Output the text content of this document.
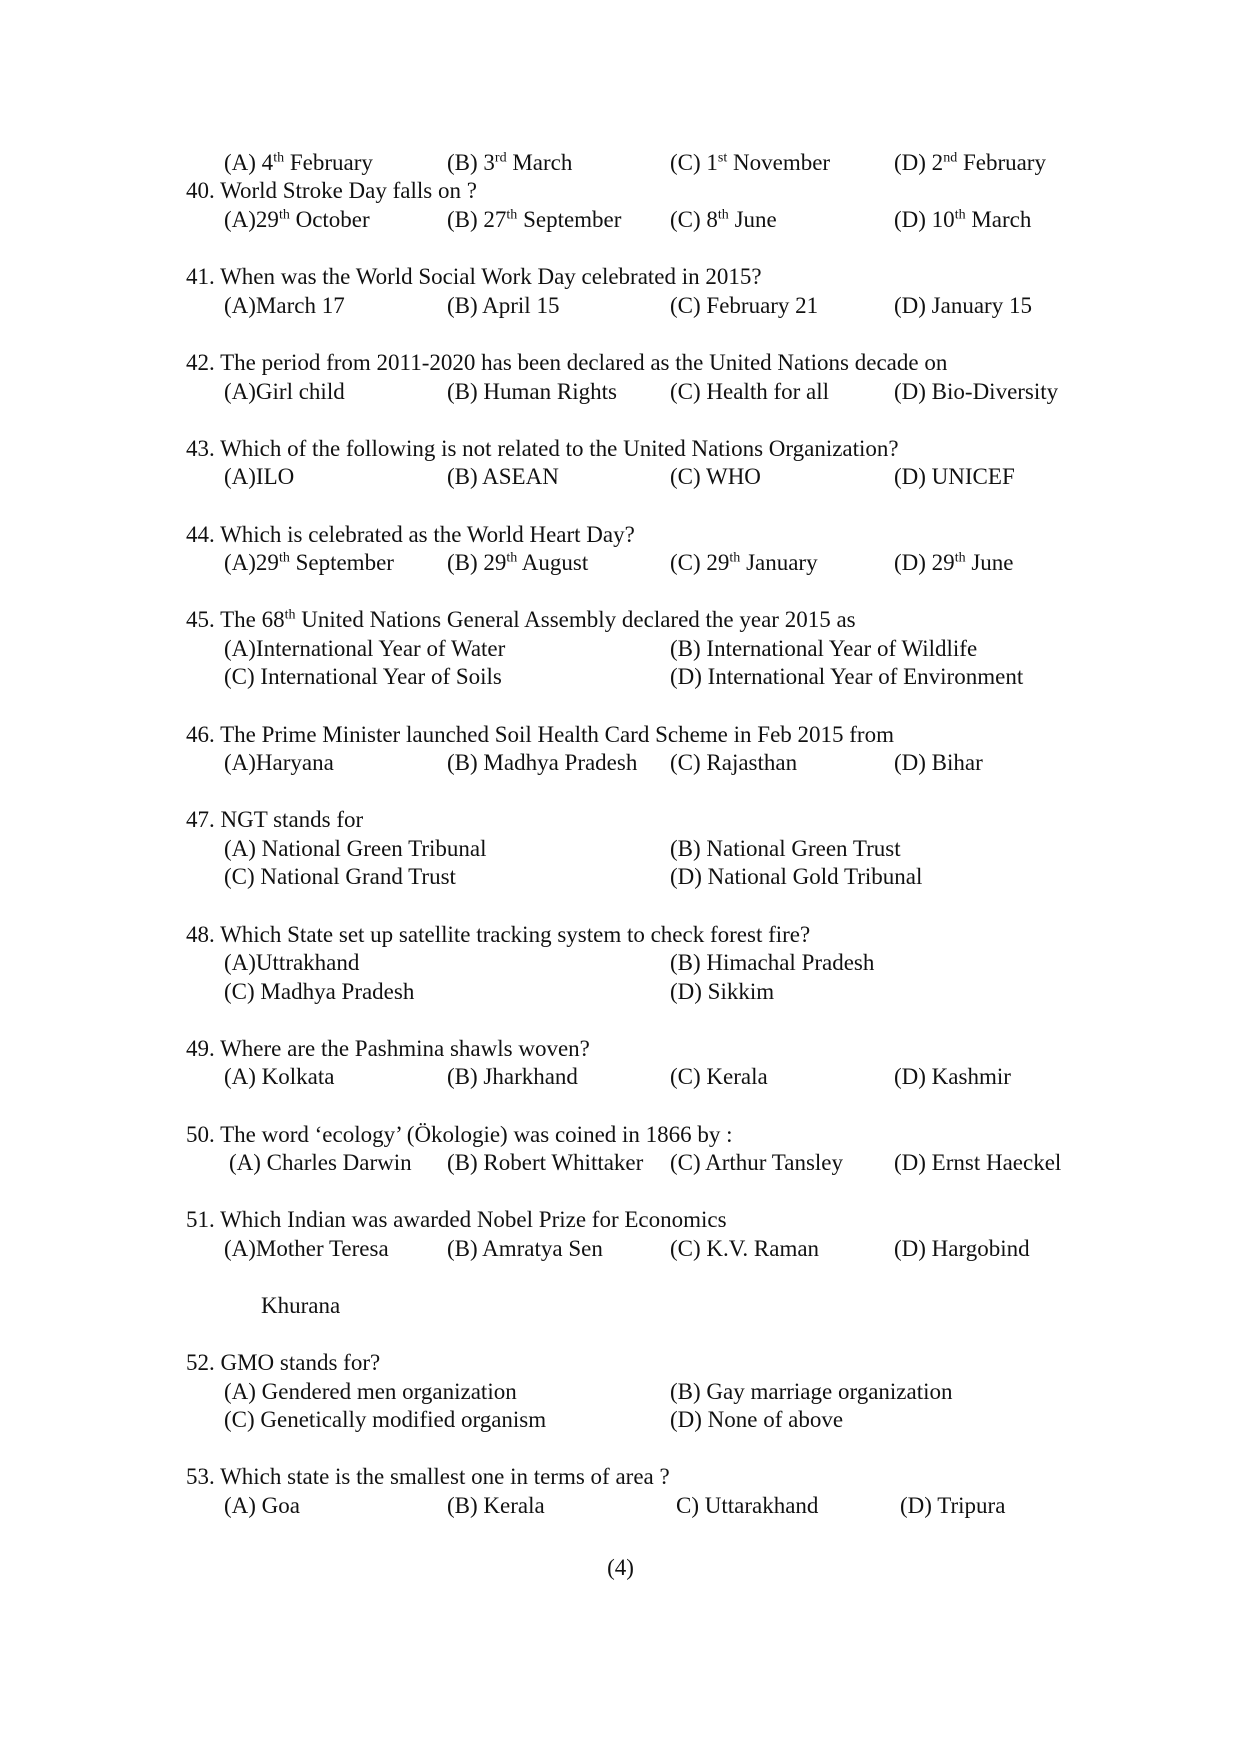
(A) 4th February	(B) 3rd March	(C) 1st November	(D) 2nd February
40. World Stroke Day falls on ?
(A)29th October	(B) 27th September (C) 8th June	(D) 10th March
41. When was the World Social Work Day celebrated in 2015?
(A)March 17	(B) April 15	(C) February 21	(D) January 15
42. The period from 2011-2020 has been declared as the United Nations decade on
(A)Girl child	(B) Human Rights (C) Health for all	(D) Bio-Diversity
43. Which of the following is not related to the United Nations Organization?
(A)ILO	(B) ASEAN	(C) WHO	(D) UNICEF
44. Which is celebrated as the World Heart Day?
(A)29th September (B) 29th August	(C) 29th January	(D) 29th June
45. The 68th United Nations General Assembly declared the year 2015 as
(A)International Year of Water	(B) International Year of Wildlife
(C) International Year of Soils	(D) International Year of Environment
46. The Prime Minister launched Soil Health Card Scheme in Feb 2015 from
(A)Haryana	(B) Madhya Pradesh (C) Rajasthan	(D) Bihar
47. NGT stands for
(A) National Green Tribunal	(B) National Green Trust
(C) National Grand Trust	(D) National Gold Tribunal
48. Which State set up satellite tracking system to check forest fire?
(A)Uttrakhand	(B) Himachal Pradesh
(C) Madhya Pradesh	(D) Sikkim
49. Where are the Pashmina shawls woven?
(A) Kolkata	(B) Jharkhand	(C) Kerala	(D) Kashmir
50. The word ‘ecology’ (Ökologie) was coined in 1866 by :
(A) Charles Darwin (B) Robert Whittaker (C) Arthur Tansley (D) Ernst Haeckel
51. Which Indian was awarded Nobel Prize for Economics
(A)Mother Teresa	(B) Amratya Sen	(C) K.V. Raman	(D) Hargobind
Khurana
52. GMO stands for?
(A) Gendered men organization	(B) Gay marriage organization
(C) Genetically modified organism	(D) None of above
53. Which state is the smallest one in terms of area ?
(A) Goa	(B) Kerala	C) Uttarakhand	(D) Tripura
(4)
